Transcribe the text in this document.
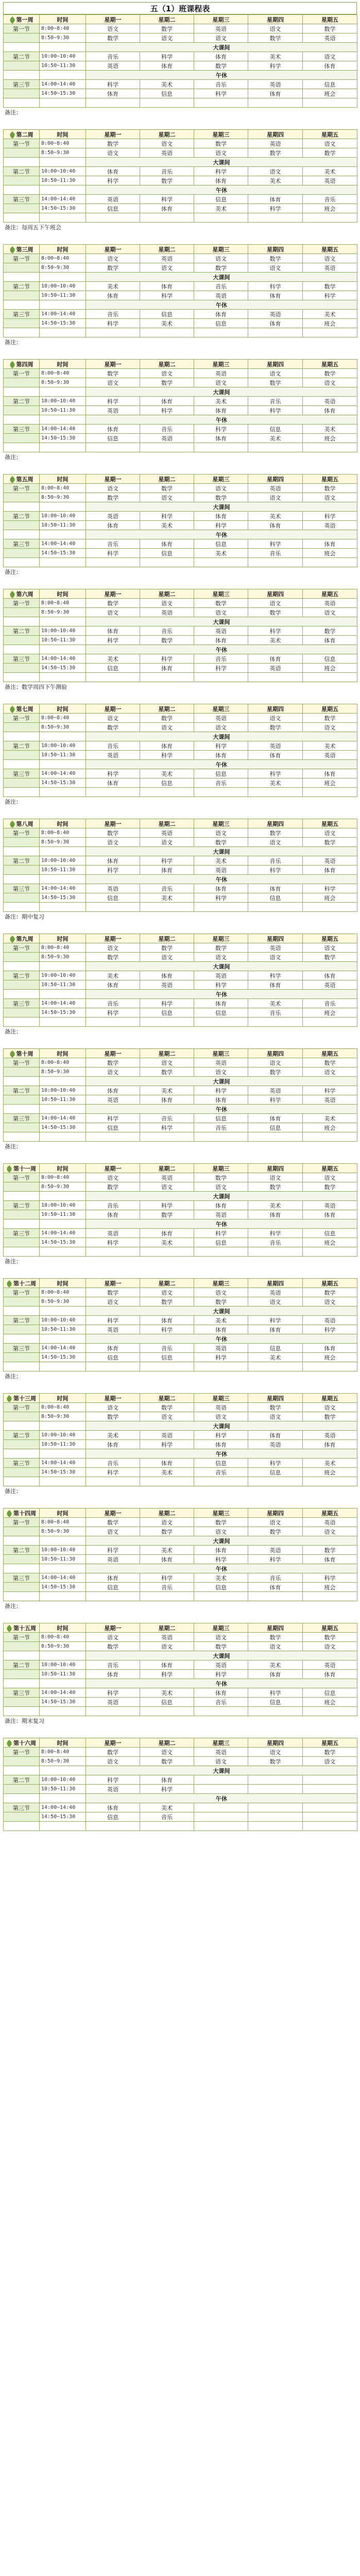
五（1）班课程表
第一周	时间	星期一	星期二	星期三	星期四	星期五
第一节	8:00~8:40	语文	数学	英语	语文	数学
	8:50~9:30	数学	语文	语文	数学	英语
		大课间				
第二节	10:00~10:40	音乐	科学	体育	美术	语文
	10:50~11:30	英语	体育	数学	科学	体育
		午休				
第三节	14:00~14:40	科学	美术	音乐	英语	信息
	14:50~15:30	体育	信息	科学	体育	班会

备注：
第二周	时间	星期一	星期二	星期三	星期四	星期五
第一节	8:00~8:40	数学	语文	数学	英语	语文
	8:50~9:30	语文	英语	语文	数学	数学
		大课间				
第二节	10:00~10:40	体育	音乐	科学	语文	美术
	10:50~11:30	科学	数学	体育	美术	英语
		午休				
第三节	14:00~14:40	英语	科学	信息	体育	音乐
	14:50~15:30	信息	体育	美术	科学	班会

备注：每周五下午班会
第三周	时间	星期一	星期二	星期三	星期四	星期五
第一节	8:00~8:40	语文	英语	语文	数学	语文
	8:50~9:30	数学	语文	数学	语文	英语
		大课间				
第二节	10:00~10:40	美术	体育	音乐	科学	数学
	10:50~11:30	体育	科学	英语	体育	科学
		午休				
第三节	14:00~14:40	音乐	信息	体育	英语	美术
	14:50~15:30	科学	美术	信息	体育	班会

备注：
第四周	时间	星期一	星期二	星期三	星期四	星期五
第一节	8:00~8:40	数学	语文	英语	语文	数学
	8:50~9:30	语文	数学	语文	数学	语文
		大课间				
第二节	10:00~10:40	科学	体育	美术	音乐	英语
	10:50~11:30	英语	科学	体育	科学	体育
		午休				
第三节	14:00~14:40	体育	音乐	科学	信息	美术
	14:50~15:30	信息	英语	体育	美术	班会

备注：
第五周	时间	星期一	星期二	星期三	星期四	星期五
第一节	8:00~8:40	语文	数学	语文	英语	数学
	8:50~9:30	数学	语文	数学	语文	语文
		大课间				
第二节	10:00~10:40	英语	科学	体育	美术	科学
	10:50~11:30	体育	美术	科学	体育	英语
		午休				
第三节	14:00~14:40	音乐	体育	信息	科学	体育
	14:50~15:30	科学	信息	美术	音乐	班会

备注：
第六周	时间	星期一	星期二	星期三	星期四	星期五
第一节	8:00~8:40	数学	语文	数学	语文	英语
	8:50~9:30	语文	英语	语文	数学	语文
		大课间				
第二节	10:00~10:40	体育	音乐	英语	科学	数学
	10:50~11:30	科学	数学	体育	美术	体育
		午休				
第三节	14:00~14:40	美术	科学	音乐	体育	信息
	14:50~15:30	信息	体育	科学	英语	班会

备注：数学周四下午测验
第七周	时间	星期一	星期二	星期三	星期四	星期五
第一节	8:00~8:40	语文	数学	英语	语文	数学
	8:50~9:30	数学	语文	语文	数学	语文
		大课间				
第二节	10:00~10:40	音乐	体育	科学	英语	美术
	10:50~11:30	英语	科学	体育	体育	英语
		午休				
第三节	14:00~14:40	科学	美术	信息	科学	体育
	14:50~15:30	体育	信息	音乐	美术	班会

备注：
第八周	时间	星期一	星期二	星期三	星期四	星期五
第一节	8:00~8:40	数学	英语	语文	数学	语文
	8:50~9:30	语文	语文	数学	语文	数学
		大课间				
第二节	10:00~10:40	体育	科学	美术	音乐	英语
	10:50~11:30	科学	体育	英语	科学	体育
		午休				
第三节	14:00~14:40	英语	音乐	体育	体育	科学
	14:50~15:30	信息	美术	科学	信息	班会

备注：期中复习
第九周	时间	星期一	星期二	星期三	星期四	星期五
第一节	8:00~8:40	语文	数学	数学	英语	语文
	8:50~9:30	数学	语文	语文	语文	数学
		大课间				
第二节	10:00~10:40	美术	体育	英语	科学	体育
	10:50~11:30	体育	英语	科学	体育	英语
		午休				
第三节	14:00~14:40	音乐	科学	体育	美术	音乐
	14:50~15:30	科学	信息	信息	音乐	班会

备注：
第十周	时间	星期一	星期二	星期三	星期四	星期五
第一节	8:00~8:40	数学	语文	英语	语文	数学
	8:50~9:30	语文	数学	语文	数学	语文
		大课间				
第二节	10:00~10:40	体育	美术	科学	英语	科学
	10:50~11:30	英语	体育	体育	科学	英语
		午休				
第三节	14:00~14:40	科学	音乐	信息	体育	美术
	14:50~15:30	信息	科学	音乐	信息	班会

备注：
第十一周	时间	星期一	星期二	星期三	星期四	星期五
第一节	8:00~8:40	语文	英语	数学	语文	语文
	8:50~9:30	数学	语文	语文	数学	数学
		大课间				
第二节	10:00~10:40	音乐	科学	体育	美术	英语
	10:50~11:30	体育	数学	英语	体育	体育
		午休				
第三节	14:00~14:40	英语	体育	科学	科学	信息
	14:50~15:30	科学	美术	信息	音乐	班会

备注：
第十二周	时间	星期一	星期二	星期三	星期四	星期五
第一节	8:00~8:40	数学	语文	语文	英语	数学
	8:50~9:30	语文	数学	数学	语文	语文
		大课间				
第二节	10:00~10:40	科学	体育	美术	科学	英语
	10:50~11:30	英语	科学	体育	体育	科学
		午休				
第三节	14:00~14:40	体育	音乐	英语	信息	体育
	14:50~15:30	信息	信息	科学	美术	班会

备注：
第十三周	时间	星期一	星期二	星期三	星期四	星期五
第一节	8:00~8:40	语文	数学	英语	数学	语文
	8:50~9:30	数学	语文	语文	语文	数学
		大课间				
第二节	10:00~10:40	美术	英语	科学	体育	英语
	10:50~11:30	体育	科学	体育	英语	体育
		午休				
第三节	14:00~14:40	音乐	体育	信息	科学	美术
	14:50~15:30	科学	美术	音乐	信息	班会

备注：
第十四周	时间	星期一	星期二	星期三	星期四	星期五
第一节	8:00~8:40	数学	语文	数学	语文	英语
	8:50~9:30	语文	数学	语文	数学	语文
		大课间				
第二节	10:00~10:40	科学	美术	体育	英语	数学
	10:50~11:30	英语	体育	科学	科学	体育
		午休				
第三节	14:00~14:40	体育	科学	美术	音乐	科学
	14:50~15:30	信息	音乐	信息	体育	班会

备注：
第十五周	时间	星期一	星期二	星期三	星期四	星期五
第一节	8:00~8:40	语文	英语	语文	数学	数学
	8:50~9:30	数学	语文	数学	语文	语文
		大课间				
第二节	10:00~10:40	音乐	体育	英语	美术	英语
	10:50~11:30	体育	科学	科学	体育	体育
		午休				
第三节	14:00~14:40	科学	美术	体育	科学	信息
	14:50~15:30	英语	信息	音乐	信息	班会

备注：期末复习
第十六周	时间	星期一	星期二	星期三	星期四	星期五
第一节	8:00~8:40	数学	语文	英语	语文	数学
	8:50~9:30	语文	数学	语文	数学	语文
		大课间				
第二节	10:00~10:40	科学	体育			
	10:50~11:30	英语	科学			
		午休				
第三节	14:00~14:40	体育	美术			
	14:50~15:30	信息	音乐			
